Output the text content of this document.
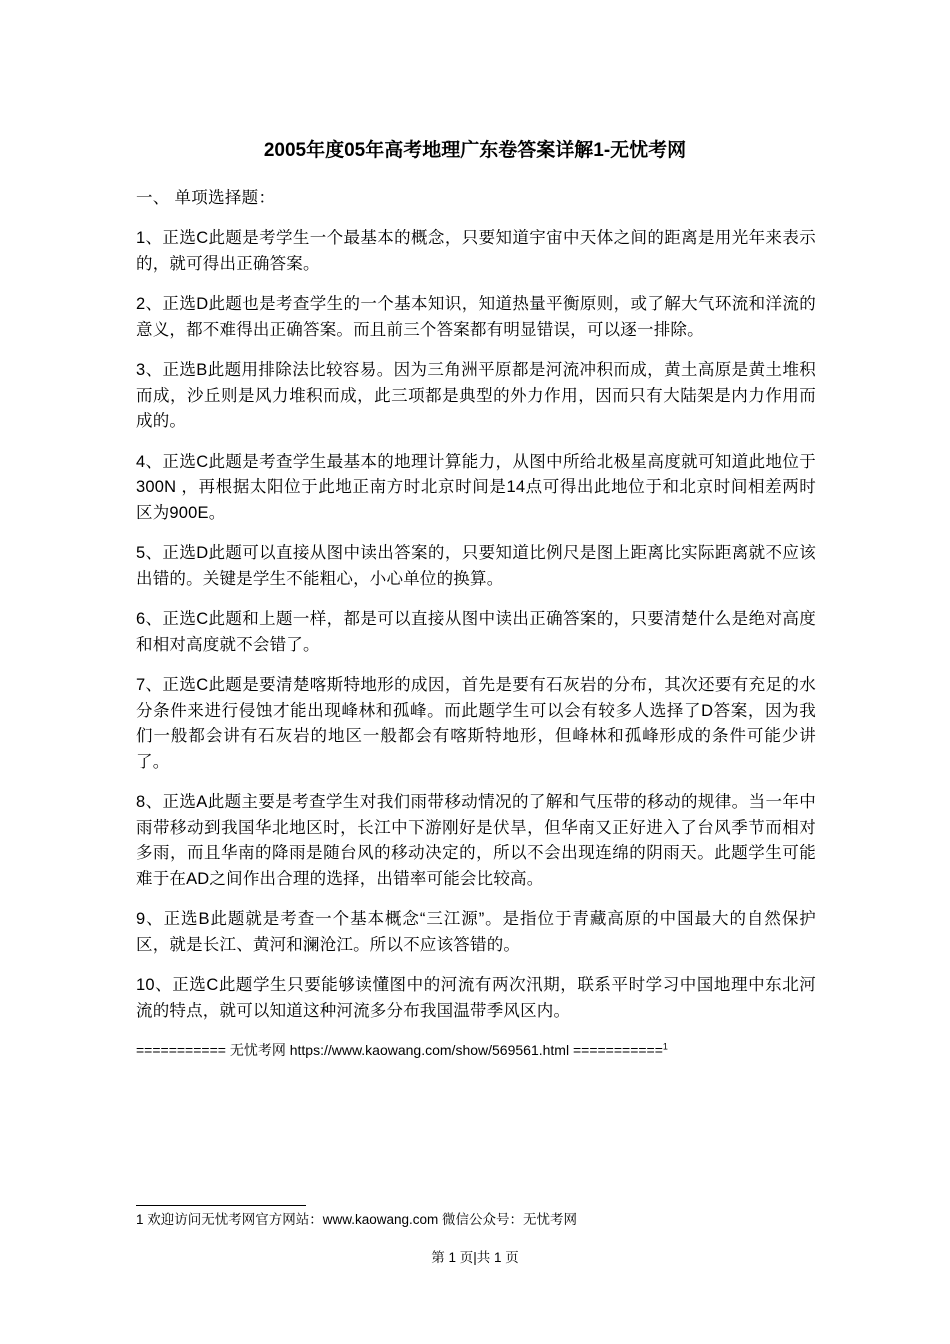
2005年度05年高考地理广东卷答案详解1-无忧考网
一、 单项选择题：

1、正选C此题是考学生一个最基本的概念，只要知道宇宙中天体之间的距离是用光年来表示的，就可得出正确答案。

2、正选D此题也是考查学生的一个基本知识，知道热量平衡原则，或了解大气环流和洋流的意义，都不难得出正确答案。而且前三个答案都有明显错误，可以逐一排除。

3、正选B此题用排除法比较容易。因为三角洲平原都是河流冲积而成，黄土高原是黄土堆积而成，沙丘则是风力堆积而成，此三项都是典型的外力作用，因而只有大陆架是内力作用而成的。

4、正选C此题是考查学生最基本的地理计算能力，从图中所给北极星高度就可知道此地位于300N ，再根据太阳位于此地正南方时北京时间是14点可得出此地位于和北京时间相差两时区为900E。

5、正选D此题可以直接从图中读出答案的，只要知道比例尺是图上距离比实际距离就不应该出错的。关键是学生不能粗心，小心单位的换算。

6、正选C此题和上题一样，都是可以直接从图中读出正确答案的，只要清楚什么是绝对高度和相对高度就不会错了。

7、正选C此题是要清楚喀斯特地形的成因，首先是要有石灰岩的分布，其次还要有充足的水分条件来进行侵蚀才能出现峰林和孤峰。而此题学生可以会有较多人选择了D答案，因为我们一般都会讲有石灰岩的地区一般都会有喀斯特地形，但峰林和孤峰形成的条件可能少讲了。

8、正选A此题主要是考查学生对我们雨带移动情况的了解和气压带的移动的规律。当一年中雨带移动到我国华北地区时，长江中下游刚好是伏旱，但华南又正好进入了台风季节而相对多雨，而且华南的降雨是随台风的移动决定的，所以不会出现连绵的阴雨天。此题学生可能难于在AD之间作出合理的选择，出错率可能会比较高。

9、正选B此题就是考查一个基本概念“三江源”。是指位于青藏高原的中国最大的自然保护区，就是长江、黄河和澜沧江。所以不应该答错的。

10、正选C此题学生只要能够读懂图中的河流有两次汛期，联系平时学习中国地理中东北河流的特点，就可以知道这种河流多分布我国温带季风区内。

=========== 无忧考网 https://www.kaowang.com/show/569561.html ===========$^1$
1 欢迎访问无忧考网官方网站：www.kaowang.com 微信公众号：无忧考网
第 1 页|共 1 页
